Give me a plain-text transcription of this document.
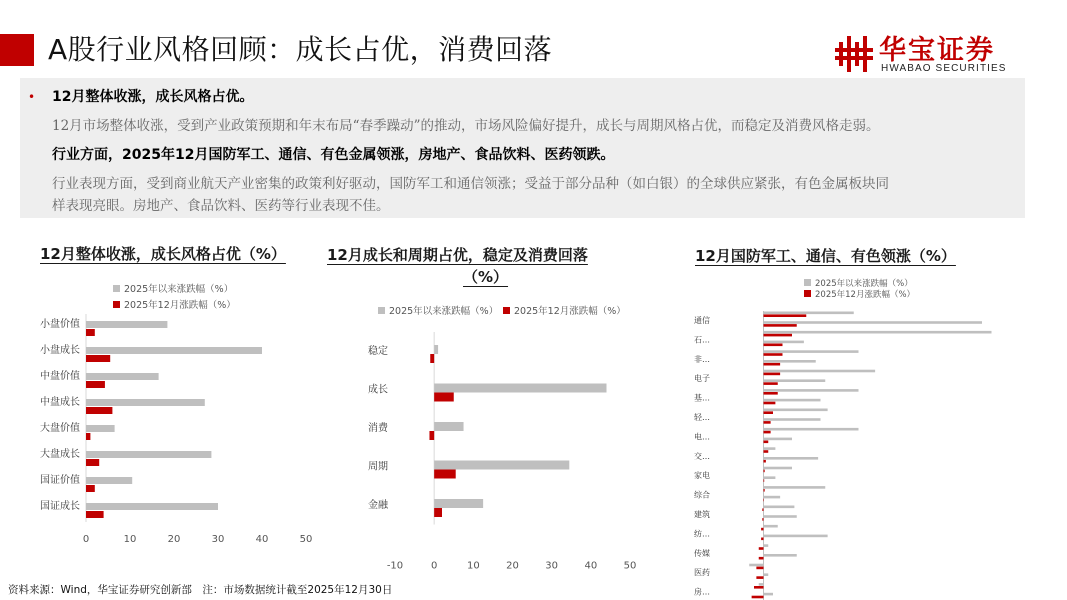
A股行业风格回顾：成长占优，消费回落	华宝证券
HWABAO SECURITIES
• 12月整体收涨，成长风格占优。
12月市场整体收涨，受到产业政策预期和年末布局“春季躁动”的推动，市场风险偏好提升，成长与周期风格占优，而稳定及消费风格走弱。
行业方面，2025年12月国防军工、通信、有色金属领涨，房地产、食品饮料、医药领跌。
行业表现方面，受到商业航天产业密集的政策利好驱动，国防军工和通信领涨；受益于部分品种（如白银）的全球供应紧张，有色金属板块同
样表现亮眼。房地产、食品饮料、医药等行业表现不佳。
12月整体收涨，成长风格占优（%）	12月成长和周期占优，稳定及消费回落
（%）
12月国防军工、通信、有色领涨（%）
2025年以来涨跌幅（%）
2025年12月涨跌幅（%）
小盘价值
小盘成长
中盘价值
中盘成长
大盘价值
大盘成长
国证价值
国证成长
0	10	20	30	40	50
2025年以来涨跌幅（%） 2025年12月涨跌幅（%）
稳定
成长
消费
周期
金融
-10	0	10	20	30	40	50
2025年以来涨跌幅（%）
2025年12月涨跌幅（%）
通信
石…
非…
电子
基…
轻…
电…
交…
家电
综合
建筑
纺…
传媒
医药
房…
资料来源：Wind，华宝证券研究创新部　注：市场数据统计截至2025年12月30日
